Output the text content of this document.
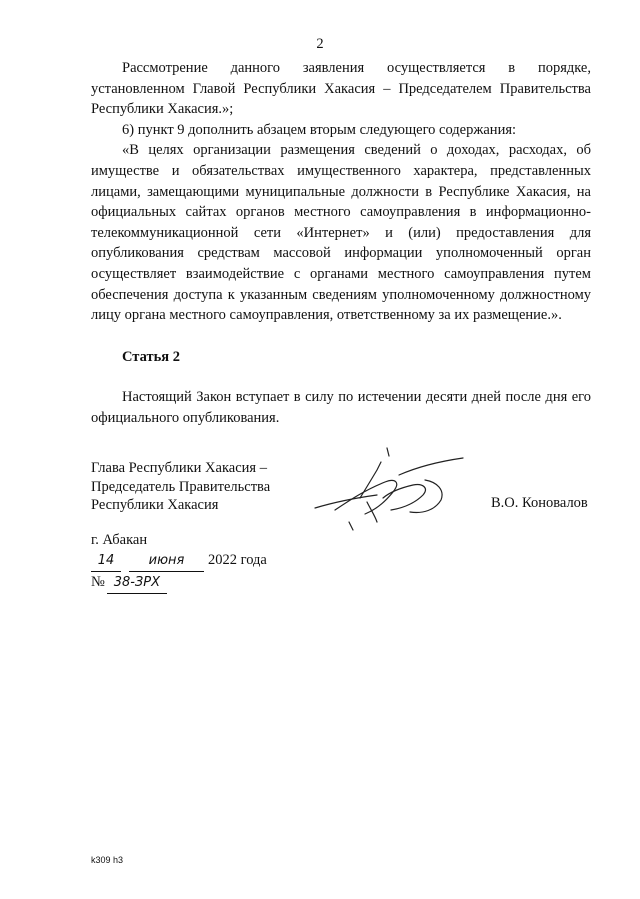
2

Рассмотрение данного заявления осуществляется в порядке, установленном Главой Республики Хакасия – Председателем Правительства Республики Хакасия.»;

6) пункт 9 дополнить абзацем вторым следующего содержания:

«В целях организации размещения сведений о доходах, расходах, об имуществе и обязательствах имущественного характера, представленных лицами, замещающими муниципальные должности в Республике Хакасия, на официальных сайтах органов местного самоуправления в информационно-телекоммуникационной сети «Интернет» и (или) предоставления для опубликования средствам массовой информации уполномоченный орган осуществляет взаимодействие с органами местного самоуправления путем обеспечения доступа к указанным сведениям уполномоченному должностному лицу органа местного самоуправления, ответственному за их размещение.».

Статья 2

Настоящий Закон вступает в силу по истечении десяти дней после дня его официального опубликования.

Глава Республики Хакасия –
Председатель Правительства
Республики Хакасия	В.О. Коновалов
г. Абакан
14	июня 2022 года
№ 38-ЗРХ
k309 h3
